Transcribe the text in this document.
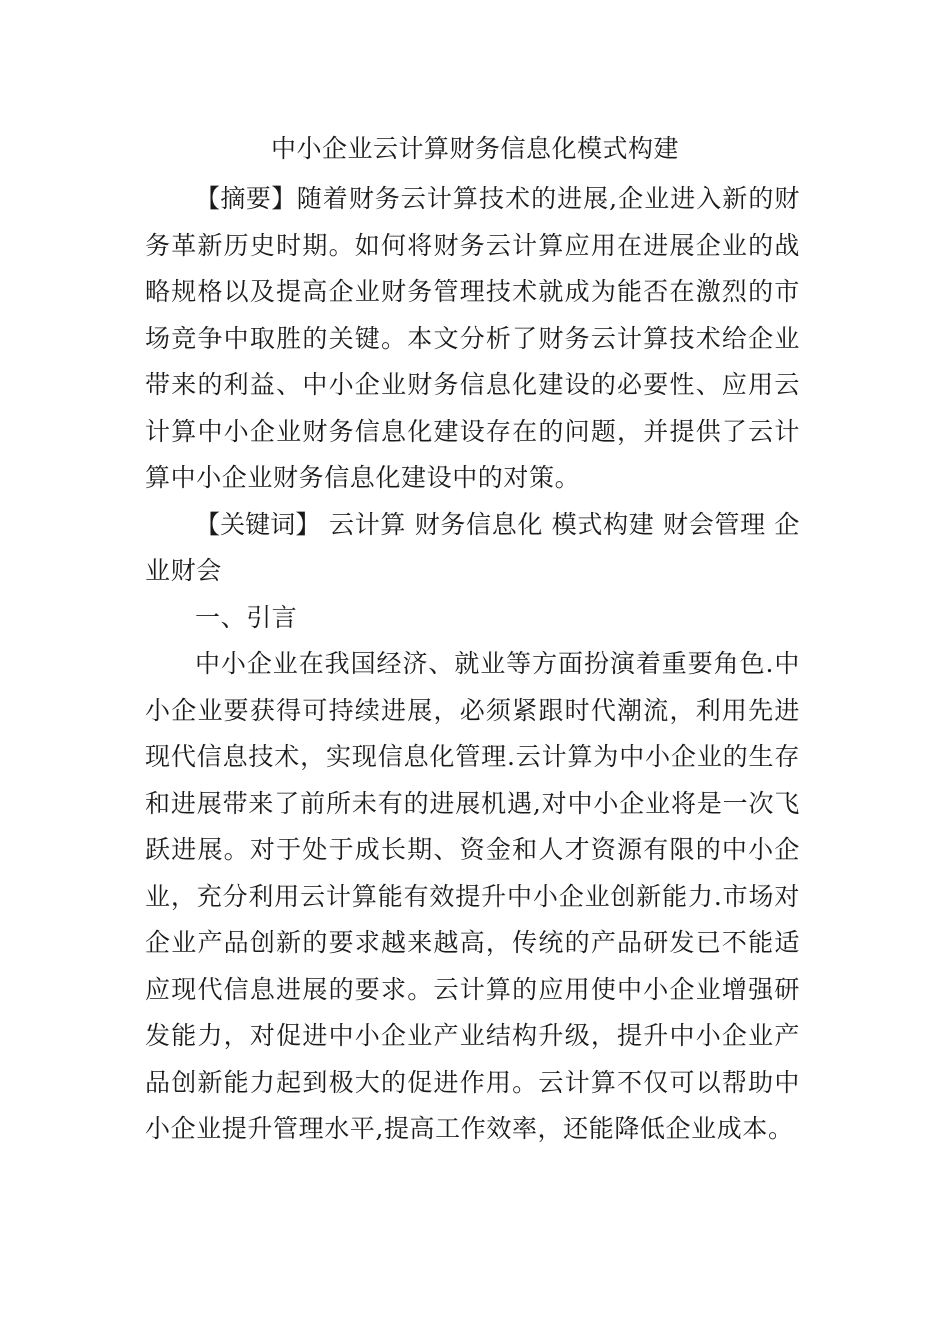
中小企业云计算财务信息化模式构建

【摘要】随着财务云计算技术的进展,企业进入新的财务革新历史时期。如何将财务云计算应用在进展企业的战略规格以及提高企业财务管理技术就成为能否在激烈的市场竞争中取胜的关键。本文分析了财务云计算技术给企业带来的利益、中小企业财务信息化建设的必要性、应用云计算中小企业财务信息化建设存在的问题，并提供了云计算中小企业财务信息化建设中的对策。

【关键词】 云计算 财务信息化 模式构建 财会管理 企业财会

一、引言

中小企业在我国经济、就业等方面扮演着重要角色.中小企业要获得可持续进展，必须紧跟时代潮流，利用先进现代信息技术，实现信息化管理.云计算为中小企业的生存和进展带来了前所未有的进展机遇,对中小企业将是一次飞跃进展。对于处于成长期、资金和人才资源有限的中小企业，充分利用云计算能有效提升中小企业创新能力.市场对企业产品创新的要求越来越高，传统的产品研发已不能适应现代信息进展的要求。云计算的应用使中小企业增强研发能力，对促进中小企业产业结构升级，提升中小企业产品创新能力起到极大的促进作用。云计算不仅可以帮助中小企业提升管理水平,提高工作效率，还能降低企业成本。
